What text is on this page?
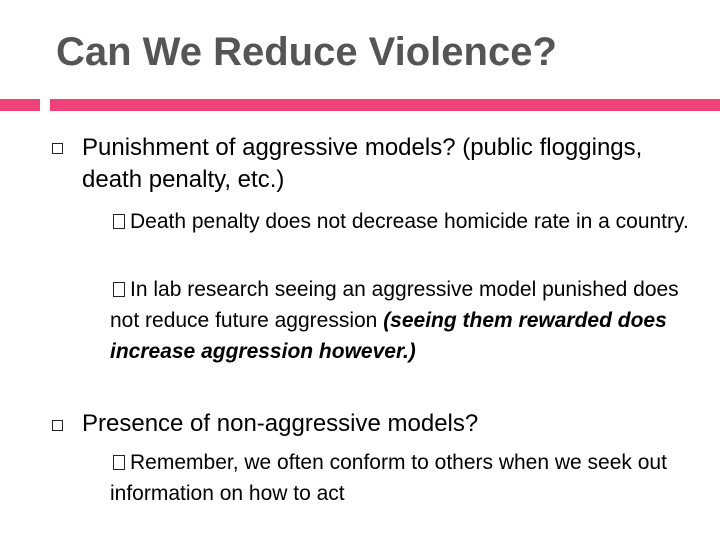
Can We Reduce Violence?
Punishment of aggressive models? (public floggings, death penalty, etc.)
Death penalty does not decrease homicide rate in a country.
In lab research seeing an aggressive model punished does not reduce future aggression (seeing them rewarded does increase aggression however.)
Presence of non-aggressive models?
Remember, we often conform to others when we seek out information on how to act
